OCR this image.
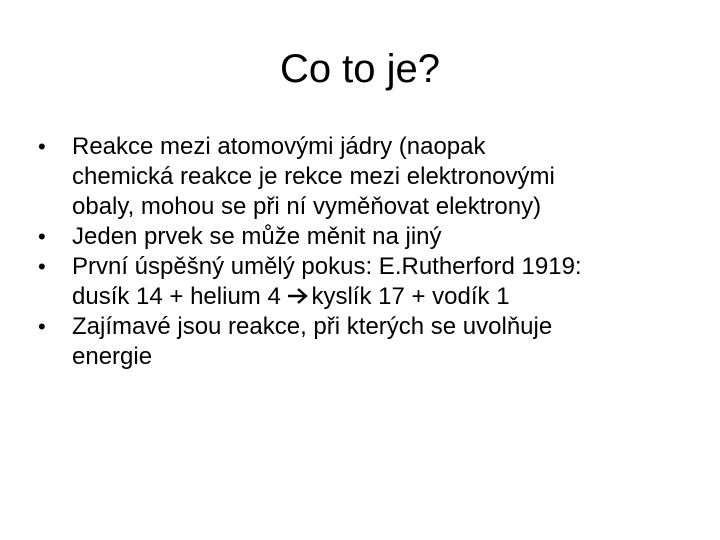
Co to je?
•	Reakce mezi atomovými jádry (naopak
chemická reakce je rekce mezi elektronovými
obaly, mohou se při ní vyměňovat elektrony)
•	Jeden prvek se může měnit na jiný
•	První úspěšný umělý pokus: E.Rutherford 1919:
dusík 14 + helium 4 kyslík 17 + vodík 1
•	Zajímavé jsou reakce, při kterých se uvolňuje
energie
